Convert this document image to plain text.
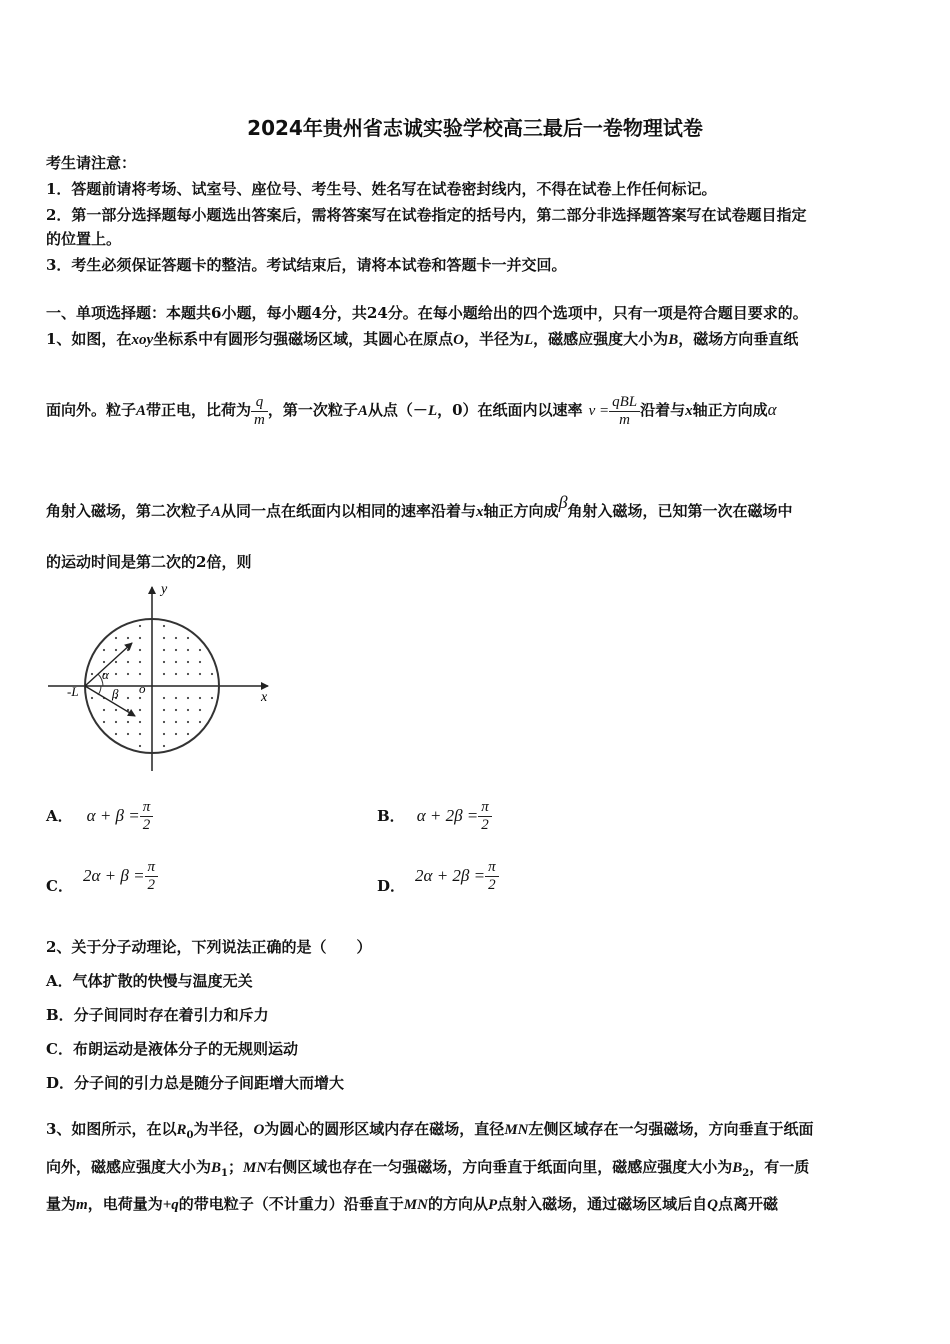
2024年贵州省志诚实验学校高三最后一卷物理试卷
考生请注意：
1．答题前请将考场、试室号、座位号、考生号、姓名写在试卷密封线内，不得在试卷上作任何标记。
2．第一部分选择题每小题选出答案后，需将答案写在试卷指定的括号内，第二部分非选择题答案写在试卷题目指定
的位置上。
3．考生必须保证答题卡的整洁。考试结束后，请将本试卷和答题卡一并交回。
一、单项选择题：本题共6小题，每小题4分，共24分。在每小题给出的四个选项中，只有一项是符合题目要求的。
1、如图，在xoy坐标系中有圆形匀强磁场区域，其圆心在原点O，半径为L，磁感应强度大小为B，磁场方向垂直纸
面向外。粒子A带正电，比荷为 $\frac{q}{m}$ ，第一次粒子A从点（－L，0）在纸面内以速率 $v = \frac{\text{qBL}}{m}$ 沿着与x轴正方向成α
角射入磁场，第二次粒子A从同一点在纸面内以相同的速率沿着与x轴正方向成β角射入磁场，已知第一次在磁场中
的运动时间是第二次的2倍，则
y
x
o
-L
α
β
A． $\alpha + \beta = \frac{\pi}{2}$	B． $\alpha + 2\beta = \frac{\pi}{2}$
C．$2\alpha + \beta = \frac{\pi}{2}$	D．$2\alpha + 2\beta = \frac{\pi}{2}$
2、关于分子动理论，下列说法正确的是（　　）
A．气体扩散的快慢与温度无关
B．分子间同时存在着引力和斥力
C．布朗运动是液体分子的无规则运动
D．分子间的引力总是随分子间距增大而增大
3、如图所示，在以$R_0$为半径，O为圆心的圆形区域内存在磁场，直径MN左侧区域存在一匀强磁场，方向垂直于纸面
向外，磁感应强度大小为$B_1$；MN右侧区域也存在一匀强磁场，方向垂直于纸面向里，磁感应强度大小为$B_2$，有一质
量为m，电荷量为+q的带电粒子（不计重力）沿垂直于MN的方向从P点射入磁场，通过磁场区域后自Q点离开磁
